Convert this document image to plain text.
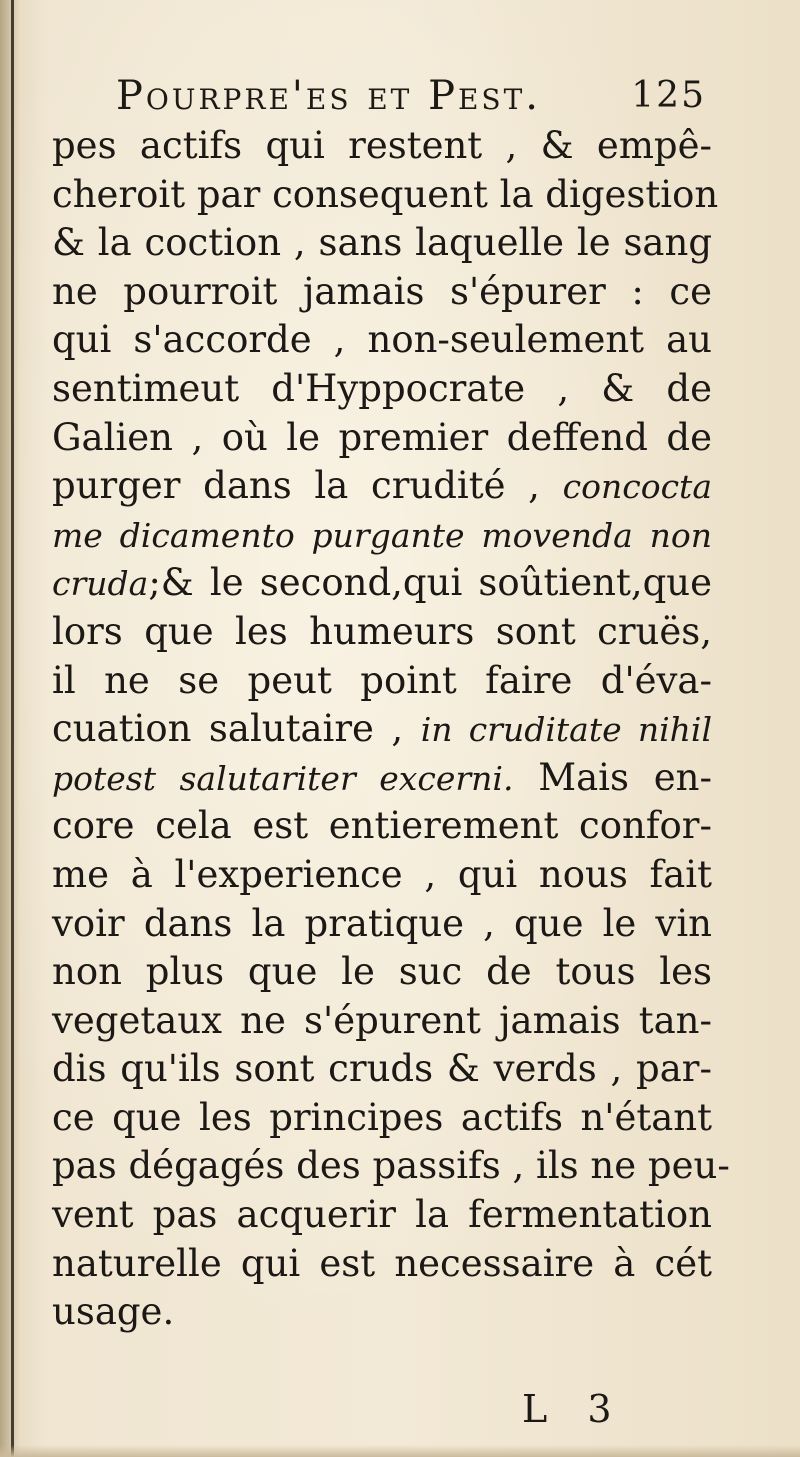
Pourpre'es et Pest.	125
pes actifs qui restent , & empê-
cheroit par consequent la digestion
& la coction , sans laquelle le sang
ne pourroit jamais s'épurer : ce
qui s'accorde , non-seulement au
sentimeut d'Hyppocrate , & de
Galien , où le premier deffend de
purger dans la crudité , concocta
me dicamento purgante movenda non
cruda;& le second,qui soûtient,que
lors que les humeurs sont cruës,
il ne se peut point faire d'éva-
cuation salutaire , in cruditate nihil
potest salutariter excerni. Mais en-
core cela est entierement confor-
me à l'experience , qui nous fait
voir dans la pratique , que le vin
non plus que le suc de tous les
vegetaux ne s'épurent jamais tan-
dis qu'ils sont cruds & verds , par-
ce que les principes actifs n'étant
pas dégagés des passifs , ils ne peu-
vent pas acquerir la fermentation
naturelle qui est necessaire à cét
usage.
L 3
